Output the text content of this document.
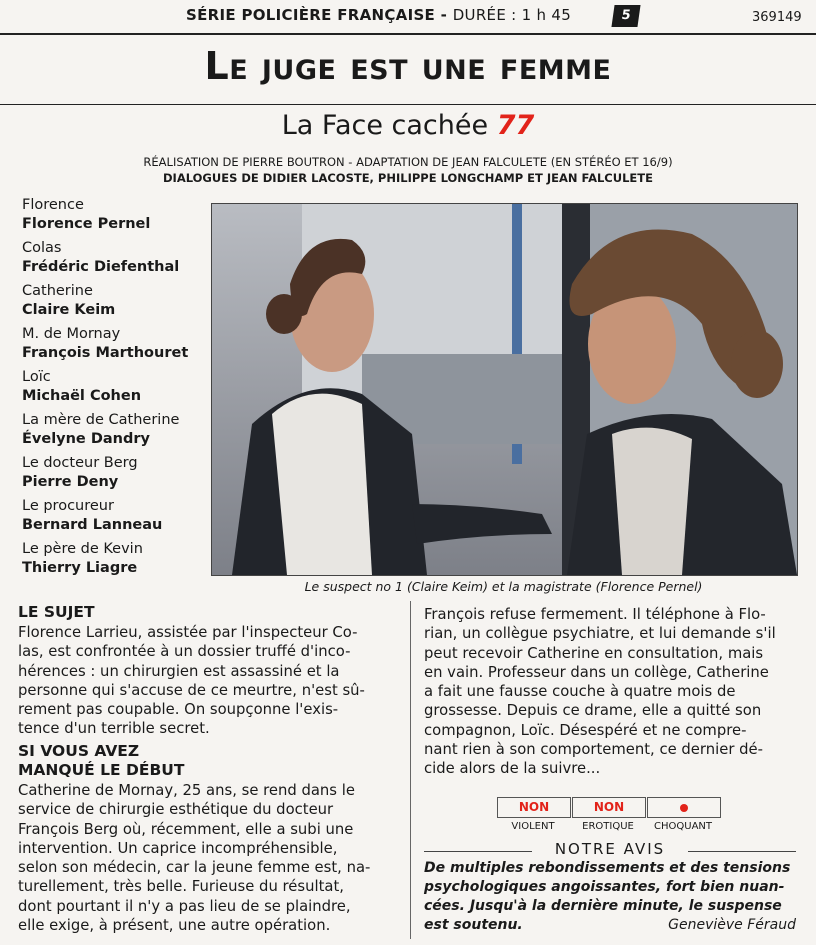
SÉRIE POLICIÈRE FRANÇAISE - DURÉE : 1 h 45	5	369149
Le juge est une femme
La Face cachée 77
RÉALISATION DE PIERRE BOUTRON - ADAPTATION DE JEAN FALCULETE (EN STÉRÉO ET 16/9)
DIALOGUES DE DIDIER LACOSTE, PHILIPPE LONGCHAMP ET JEAN FALCULETE
Florence
Florence Pernel
Colas
Frédéric Diefenthal
Catherine
Claire Keim
M. de Mornay
François Marthouret
Loïc
Michaël Cohen
La mère de Catherine
Évelyne Dandry
Le docteur Berg
Pierre Deny
Le procureur
Bernard Lanneau
Le père de Kevin
Thierry Liagre
Le suspect no 1 (Claire Keim) et la magistrate (Florence Pernel)
LE SUJET
Florence Larrieu, assistée par l'inspecteur Co-
las, est confrontée à un dossier truffé d'inco-
hérences : un chirurgien est assassiné et la
personne qui s'accuse de ce meurtre, n'est sû-
rement pas coupable. On soupçonne l'exis-
tence d'un terrible secret.
SI VOUS AVEZ
MANQUÉ LE DÉBUT
Catherine de Mornay, 25 ans, se rend dans le
service de chirurgie esthétique du docteur
François Berg où, récemment, elle a subi une
intervention. Un caprice incompréhensible,
selon son médecin, car la jeune femme est, na-
turellement, très belle. Furieuse du résultat,
dont pourtant il n'y a pas lieu de se plaindre,
elle exige, à présent, une autre opération.
François refuse fermement. Il téléphone à Flo-
rian, un collègue psychiatre, et lui demande s'il
peut recevoir Catherine en consultation, mais
en vain. Professeur dans un collège, Catherine
a fait une fausse couche à quatre mois de
grossesse. Depuis ce drame, elle a quitté son
compagnon, Loïc. Désespéré et ne compre-
nant rien à son comportement, ce dernier dé-
cide alors de la suivre...
NON	NON
VIOLENT	EROTIQUE	CHOQUANT
NOTRE AVIS
De multiples rebondissements et des tensions
psychologiques angoissantes, fort bien nuan-
cées. Jusqu'à la dernière minute, le suspense
est soutenu.	Geneviève Féraud
